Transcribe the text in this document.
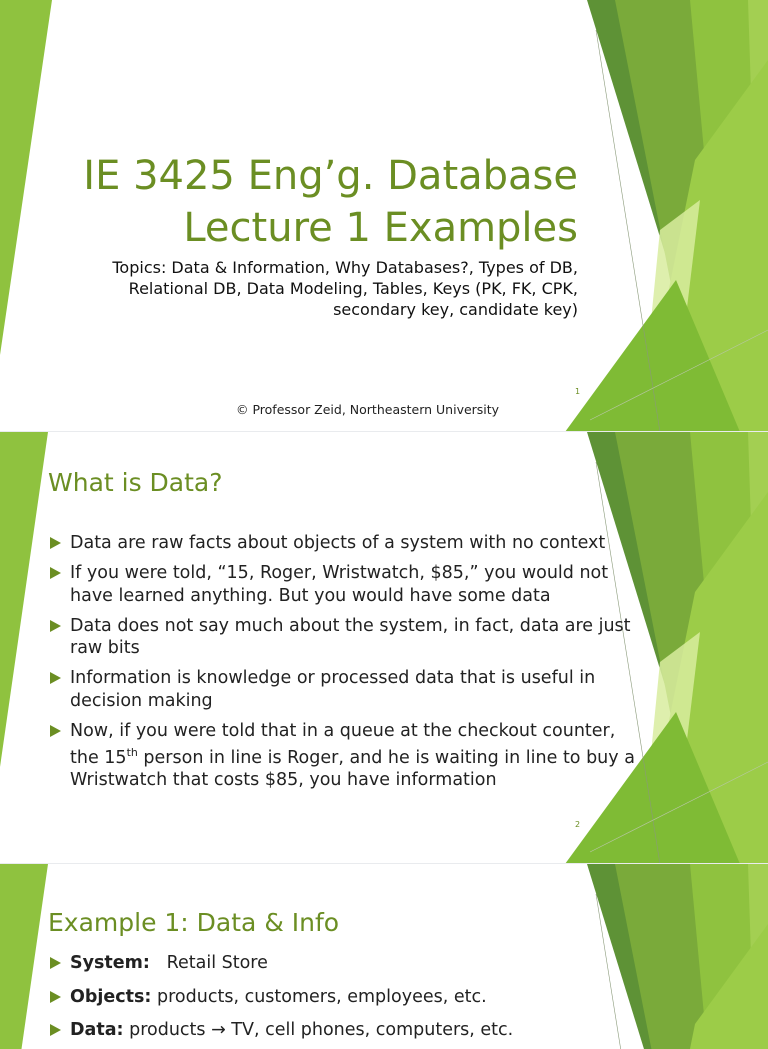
IE 3425 Eng’g. Database
Lecture 1 Examples
Topics: Data & Information, Why Databases?, Types of DB, Relational DB, Data Modeling, Tables, Keys (PK, FK, CPK, secondary key, candidate key)
© Professor Zeid, Northeastern University
1
What is Data?
Data are raw facts about objects of a system with no context
If you were told, “15, Roger, Wristwatch, $85,” you would not have learned anything. But you would have some data
Data does not say much about the system, in fact, data are just raw bits
Information is knowledge or processed data that is useful in decision making
Now, if you were told that in a queue at the checkout counter, the 15th person in line is Roger, and he is waiting in line to buy a Wristwatch that costs $85, you have information
2
Example 1: Data & Info
System: Retail Store
Objects: products, customers, employees, etc.
Data: products → TV, cell phones, computers, etc.
